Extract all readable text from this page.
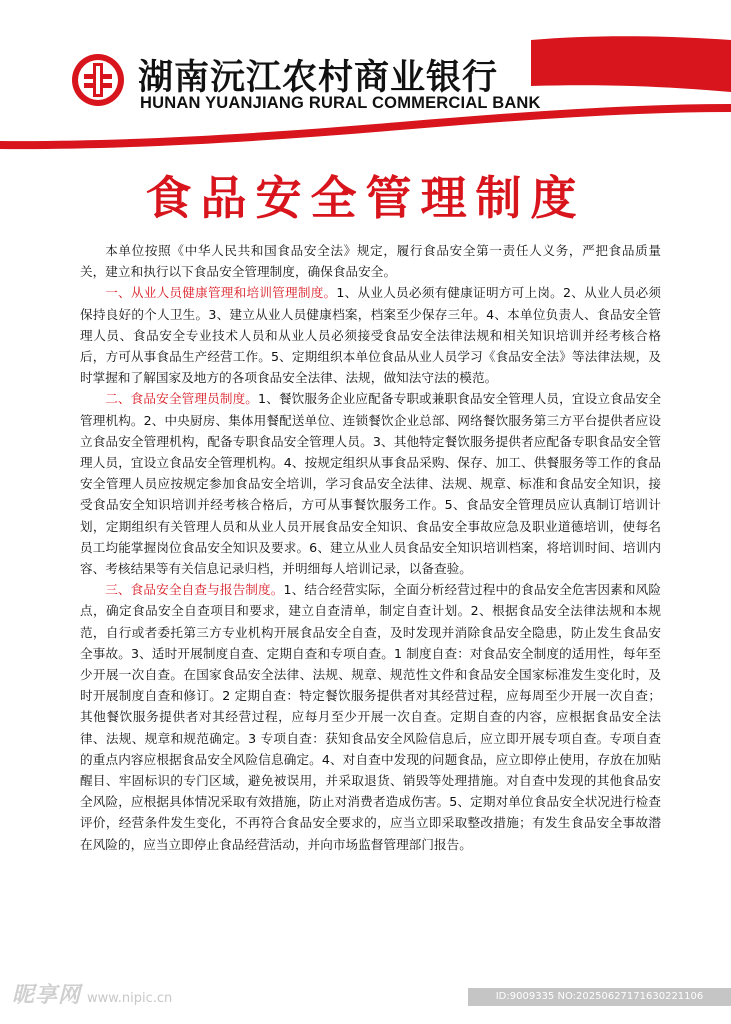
湖南沅江农村商业银行
HUNAN YUANJIANG RURAL COMMERCIAL BANK
食品安全管理制度

本单位按照《中华人民共和国食品安全法》规定，履行食品安全第一责任人义务，严把食品质量关，建立和执行以下食品安全管理制度，确保食品安全。

一、从业人员健康管理和培训管理制度。1、从业人员必须有健康证明方可上岗。2、从业人员必须保持良好的个人卫生。3、建立从业人员健康档案，档案至少保存三年。4、本单位负责人、食品安全管理人员、食品安全专业技术人员和从业人员必须接受食品安全法律法规和相关知识培训并经考核合格后，方可从事食品生产经营工作。5、定期组织本单位食品从业人员学习《食品安全法》等法律法规，及时掌握和了解国家及地方的各项食品安全法律、法规，做知法守法的模范。

二、食品安全管理员制度。1、餐饮服务企业应配备专职或兼职食品安全管理人员，宜设立食品安全管理机构。2、中央厨房、集体用餐配送单位、连锁餐饮企业总部、网络餐饮服务第三方平台提供者应设立食品安全管理机构，配备专职食品安全管理人员。3、其他特定餐饮服务提供者应配备专职食品安全管理人员，宜设立食品安全管理机构。4、按规定组织从事食品采购、保存、加工、供餐服务等工作的食品安全管理人员应按规定参加食品安全培训，学习食品安全法律、法规、规章、标准和食品安全知识，接受食品安全知识培训并经考核合格后，方可从事餐饮服务工作。5、食品安全管理员应认真制订培训计划，定期组织有关管理人员和从业人员开展食品安全知识、食品安全事故应急及职业道德培训，使每名员工均能掌握岗位食品安全知识及要求。6、建立从业人员食品安全知识培训档案，将培训时间、培训内容、考核结果等有关信息记录归档，并明细每人培训记录，以备查验。

三、食品安全自查与报告制度。1、结合经营实际，全面分析经营过程中的食品安全危害因素和风险点，确定食品安全自查项目和要求，建立自查清单，制定自查计划。2、根据食品安全法律法规和本规范，自行或者委托第三方专业机构开展食品安全自查，及时发现并消除食品安全隐患，防止发生食品安全事故。3、适时开展制度自查、定期自查和专项自查。1 制度自查：对食品安全制度的适用性，每年至少开展一次自查。在国家食品安全法律、法规、规章、规范性文件和食品安全国家标准发生变化时，及时开展制度自查和修订。2 定期自查：特定餐饮服务提供者对其经营过程，应每周至少开展一次自查；其他餐饮服务提供者对其经营过程，应每月至少开展一次自查。定期自查的内容，应根据食品安全法律、法规、规章和规范确定。3 专项自查：获知食品安全风险信息后，应立即开展专项自查。专项自查的重点内容应根据食品安全风险信息确定。4、对自查中发现的问题食品，应立即停止使用，存放在加贴醒目、牢固标识的专门区域，避免被误用，并采取退货、销毁等处理措施。对自查中发现的其他食品安全风险，应根据具体情况采取有效措施，防止对消费者造成伤害。5、定期对单位食品安全状况进行检查评价，经营条件发生变化，不再符合食品安全要求的，应当立即采取整改措施；有发生食品安全事故潜在风险的，应当立即停止食品经营活动，并向市场监督管理部门报告。

昵享网 www.nipic.cn	ID:9009335 NO:20250627171630221106
